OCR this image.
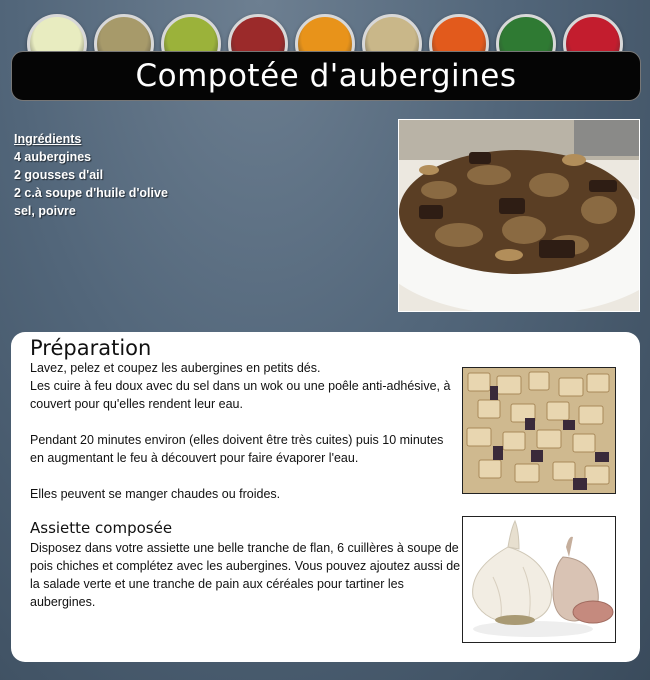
Compotée d'aubergines
Ingrédients
4 aubergines
2 gousses d'ail
2 c.à soupe d'huile d'olive
sel, poivre
Préparation

Lavez, pelez et coupez les aubergines en petits dés.

Les cuire à feu doux avec du sel dans un wok ou une poêle anti-adhésive, à couvert pour qu'elles rendent leur eau.

Pendant 20 minutes environ (elles doivent être très cuites) puis 10 minutes en augmentant le feu à découvert pour faire évaporer l'eau.

Elles peuvent se manger chaudes ou froides.

Assiette composée
Disposez dans votre assiette une belle tranche de flan, 6 cuillères à soupe de pois chiches et complétez avec les aubergines. Vous pouvez ajoutez aussi de la salade verte et une tranche de pain aux céréales pour tartiner les aubergines.
